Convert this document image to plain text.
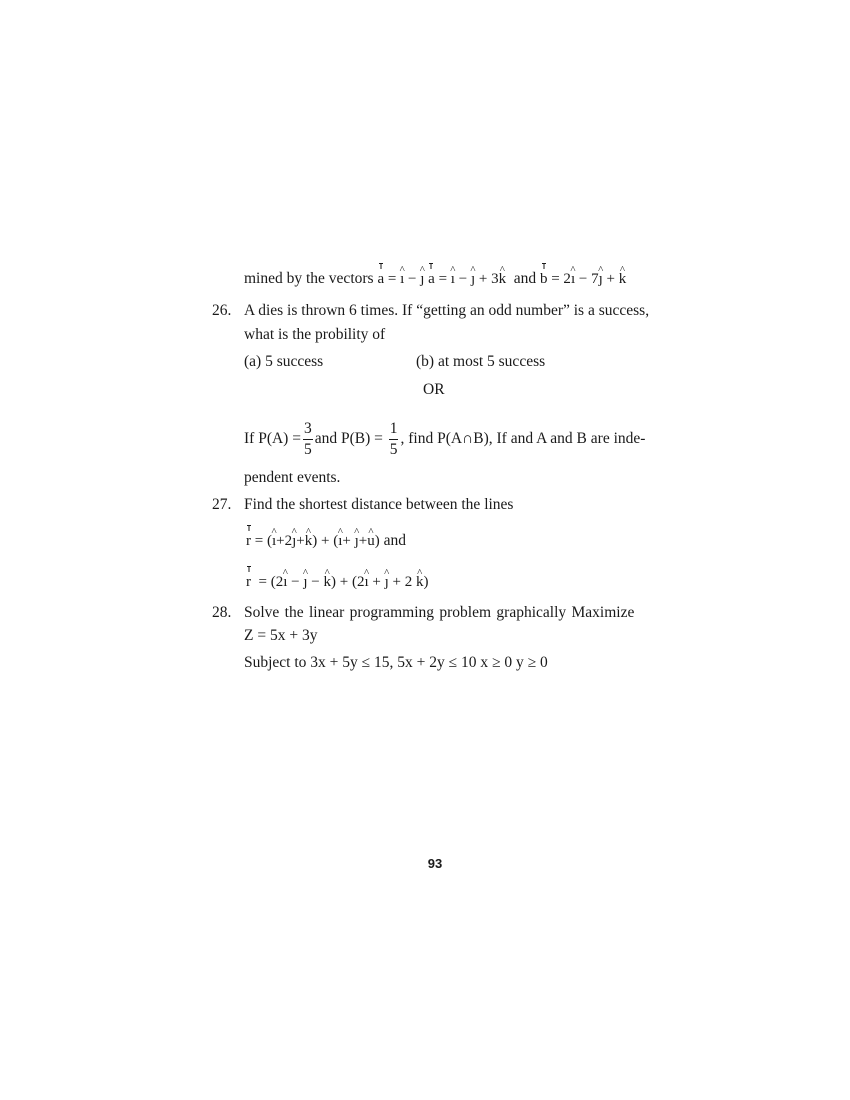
mined by the vectors a = ^ ı − ^ ȷ a = ^ ı − ^ ȷ + 3^ k and b = 2^ ı − 7^ ȷ + ^ k
26. A dies is thrown 6 times. If “getting an odd number” is a success,
what is the probility of
(a) 5 success	(b) at most 5 success
OR
If $P(A) = \frac{3}{5}$ and $P(B) = \frac{1}{5}$ , find P(A∩B), If and A and B are inde-
pendent events.
27. Find the shortest distance between the lines
r = (^ ı+2^ ȷ+^ k) + (^ ı+ ^ ȷ+^ u) and
r  = (2^ ı − ^ ȷ − ^ k) + (2^ ı + ^ ȷ + 2 ^ k)
28. Solve the linear programming problem graphically Maximize
Z = 5x + 3y
Subject to 3x + 5y ≤ 15, 5x + 2y ≤ 10 x ≥ 0 y ≥ 0
93
